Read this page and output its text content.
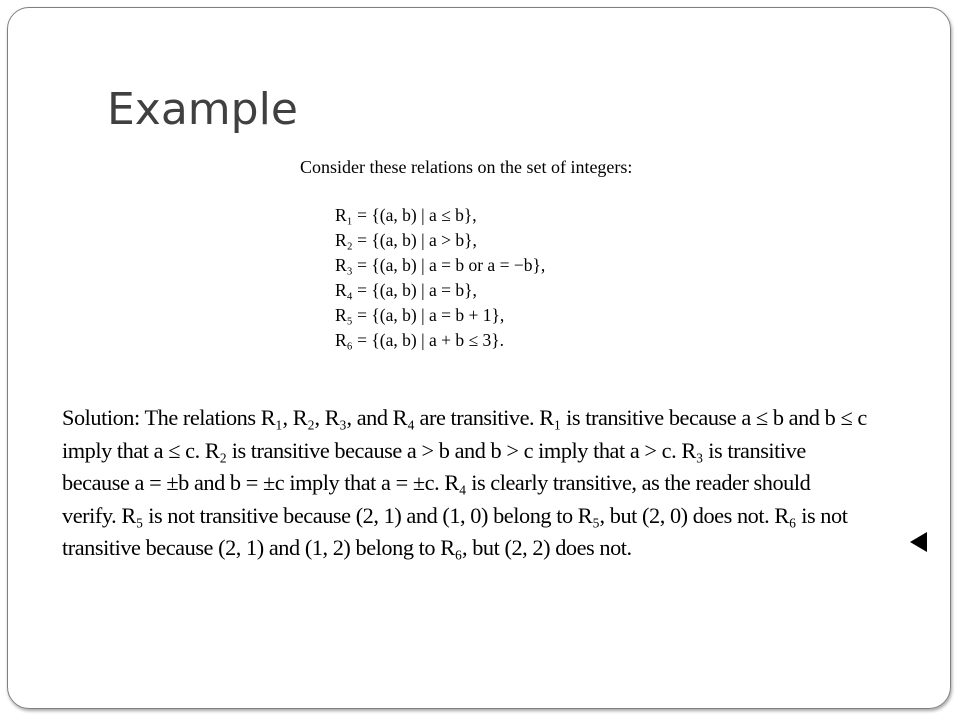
Example

Consider these relations on the set of integers:

R₁ = {(a, b) | a ≤ b},
R₂ = {(a, b) | a > b},
R₃ = {(a, b) | a = b or a = −b},
R₄ = {(a, b) | a = b},
R₅ = {(a, b) | a = b + 1},
R₆ = {(a, b) | a + b ≤ 3}.
Solution: The relations R₁, R₂, R₃, and R₄ are transitive. R₁ is transitive because a ≤ b and b ≤ c
imply that a ≤ c. R₂ is transitive because a > b and b > c imply that a > c. R₃ is transitive
because a = ±b and b = ±c imply that a = ±c. R₄ is clearly transitive, as the reader should
verify. R₅ is not transitive because (2, 1) and (1, 0) belong to R₅, but (2, 0) does not. R₆ is not
transitive because (2, 1) and (1, 2) belong to R₆, but (2, 2) does not.
